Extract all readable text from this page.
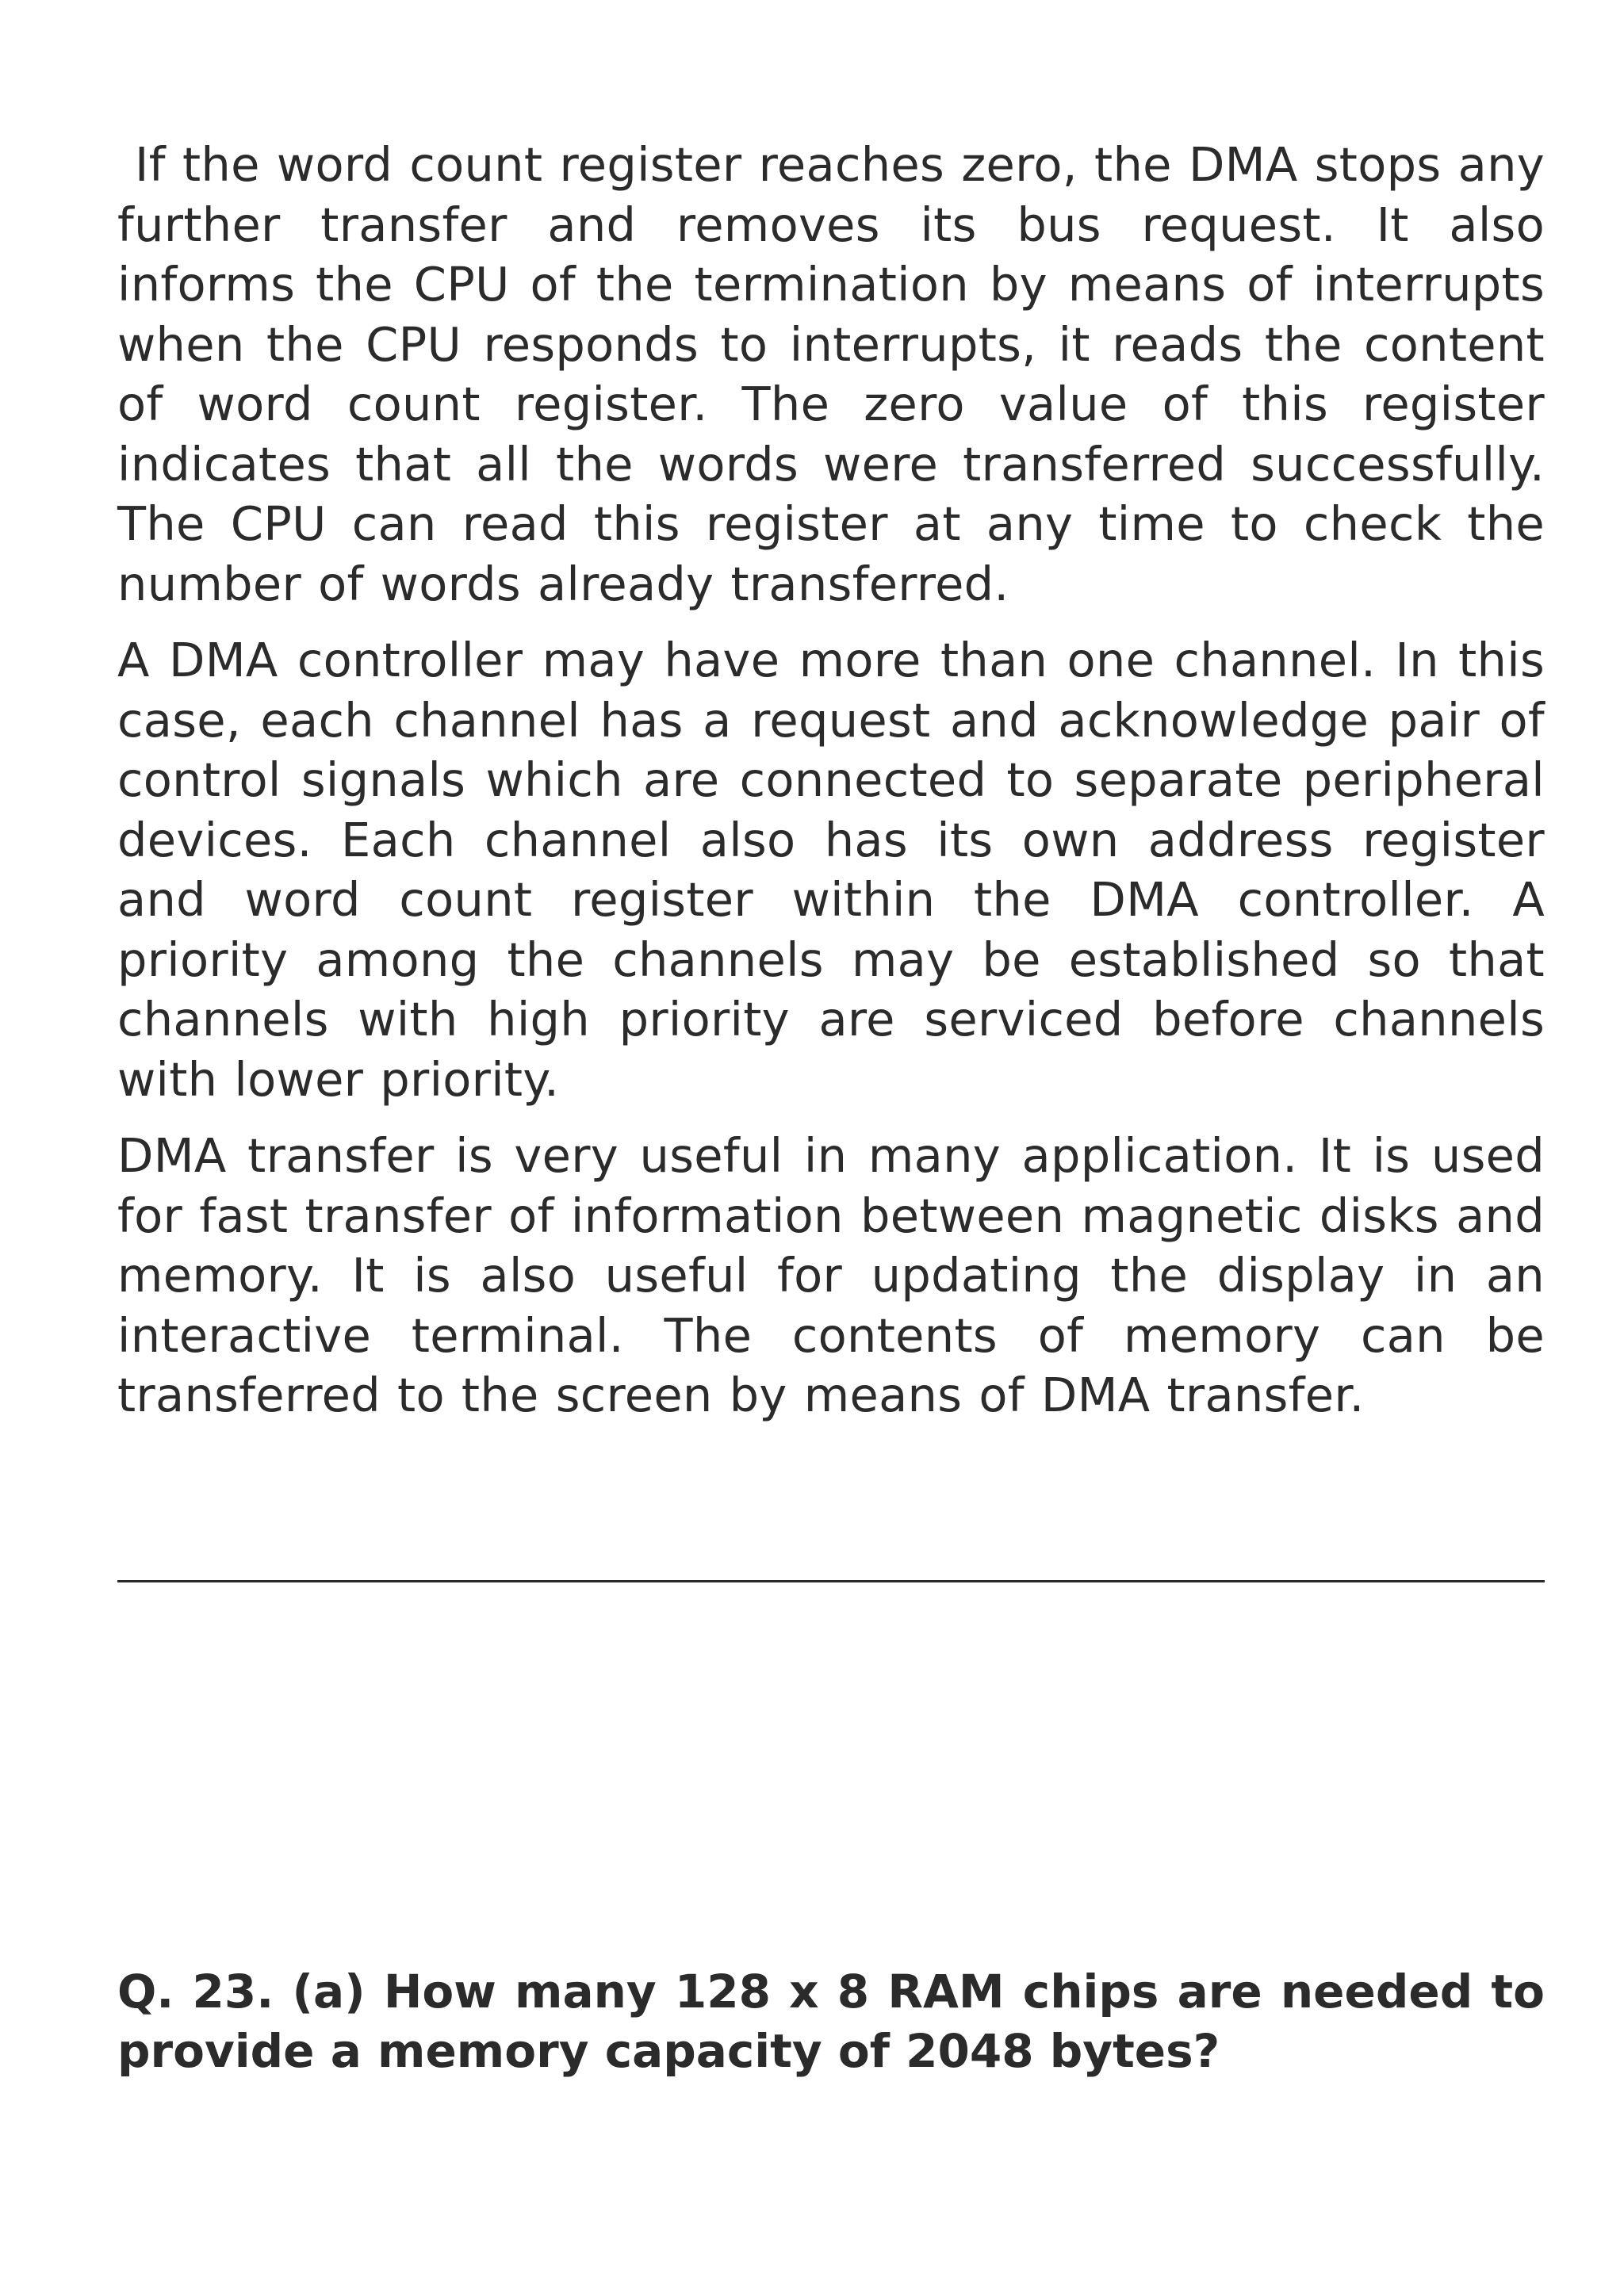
If the word count register reaches zero, the DMA stops any further transfer and removes its bus request. It also informs the CPU of the termination by means of interrupts when the CPU responds to interrupts, it reads the content of word count register. The zero value of this register indicates that all the words were transferred successfully. The CPU can read this register at any time to check the number of words already transferred.

A DMA controller may have more than one channel. In this case, each channel has a request and acknowledge pair of control signals which are connected to separate peripheral devices. Each channel also has its own address register and word count register within the DMA controller. A priority among the channels may be established so that channels with high priority are serviced before channels with lower priority.

DMA transfer is very useful in many application. It is used for fast transfer of information between magnetic disks and memory. It is also useful for updating the display in an interactive terminal. The contents of memory can be transferred to the screen by means of DMA transfer.

Q. 23. (a) How many 128 x 8 RAM chips are needed to provide a memory capacity of 2048 bytes?
